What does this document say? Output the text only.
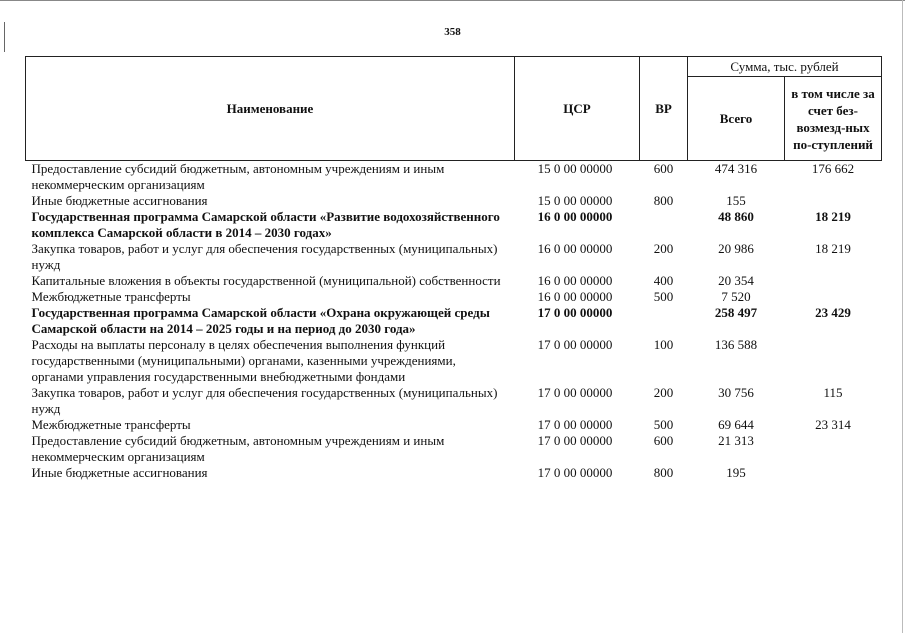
358
Наименование	ЦСР	ВР	Сумма, тыс. рублей	
			Всего	в том числе за счет без-возмезд-ных по-ступлений
Предоставление субсидий бюджетным, автономным учреждениям и иным некоммерческим организациям	15 0 00 00000	600	474 316	176 662
Иные бюджетные ассигнования	15 0 00 00000	800	155	
Государственная программа Самарской области «Развитие водохозяйственного комплекса Самарской области в 2014 – 2030 годах»	16 0 00 00000		48 860	18 219
Закупка товаров, работ и услуг для обеспечения государственных (муниципальных) нужд	16 0 00 00000	200	20 986	18 219
Капитальные вложения в объекты государственной (муниципальной) собственности	16 0 00 00000	400	20 354	
Межбюджетные трансферты	16 0 00 00000	500	7 520	
Государственная программа Самарской области «Охрана окружающей среды Самарской области на 2014 – 2025 годы и на период до 2030 года»	17 0 00 00000		258 497	23 429
Расходы на выплаты персоналу в целях обеспечения выполнения функций государственными (муниципальными) органами, казенными учреждениями, органами управления государственными внебюджетными фондами	17 0 00 00000	100	136 588	
Закупка товаров, работ и услуг для обеспечения государственных (муниципальных) нужд	17 0 00 00000	200	30 756	115
Межбюджетные трансферты	17 0 00 00000	500	69 644	23 314
Предоставление субсидий бюджетным, автономным учреждениям и иным некоммерческим организациям	17 0 00 00000	600	21 313	
Иные бюджетные ассигнования	17 0 00 00000	800	195	
